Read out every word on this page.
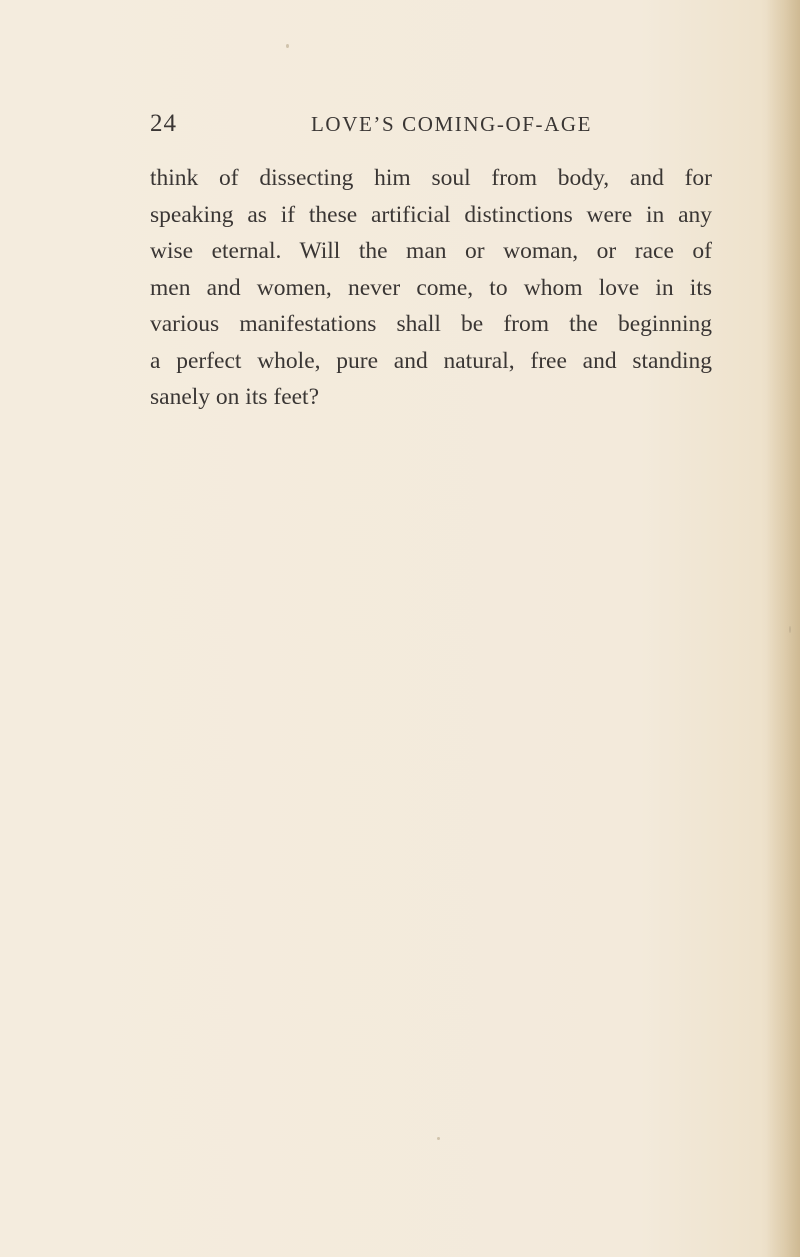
24	LOVE’S COMING-OF-AGE
think of dissecting him soul from body, and for
speaking as if these artificial distinctions were in any
wise eternal. Will the man or woman, or race of
men and women, never come, to whom love in its
various manifestations shall be from the beginning
a perfect whole, pure and natural, free and standing
sanely on its feet?
